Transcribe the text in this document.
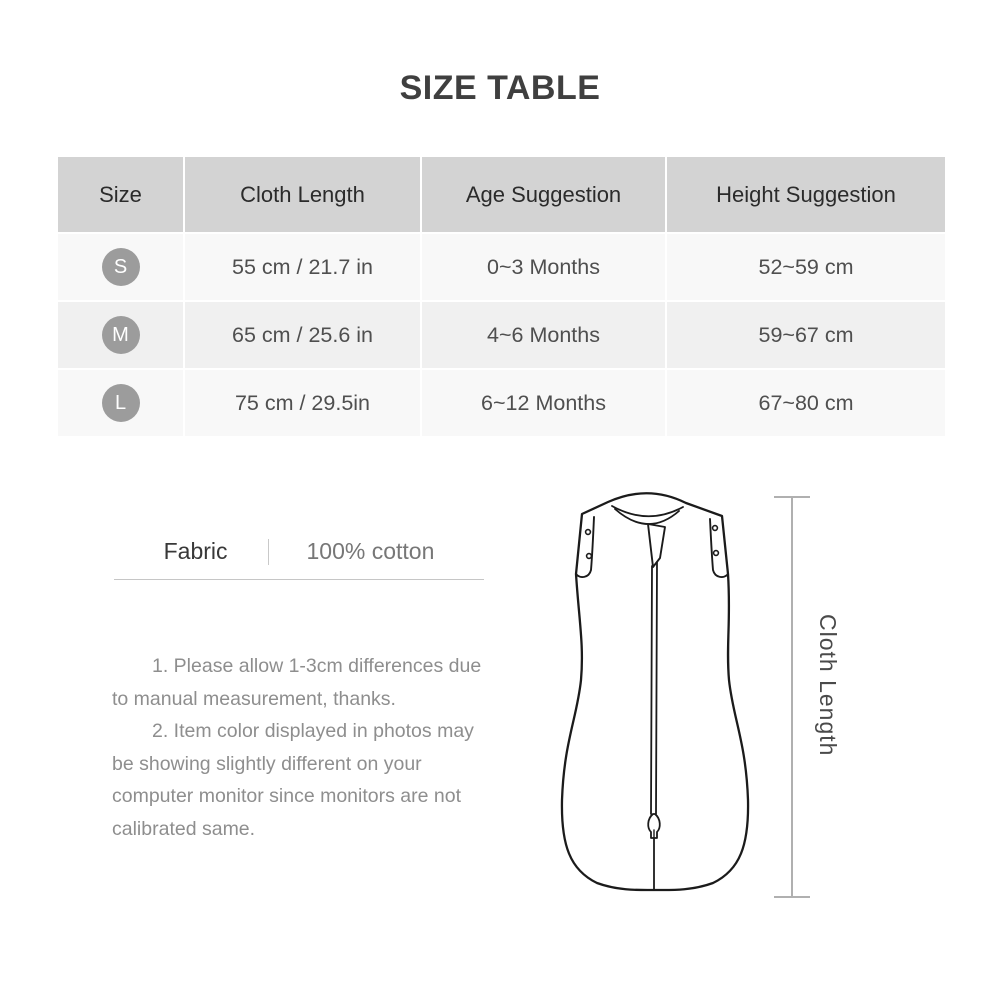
SIZE TABLE
Size	Cloth Length	Age Suggestion	Height Suggestion
S	55 cm / 21.7 in	0~3 Months	52~59 cm
M	65 cm / 25.6 in	4~6 Months	59~67 cm
L	75 cm / 29.5in	6~12 Months	67~80 cm
Fabric	100% cotton
1. Please allow 1-3cm differences due
to manual measurement, thanks.
2. Item color displayed in photos may
be showing slightly different on your
computer monitor since monitors are not
calibrated same.
Cloth Length
